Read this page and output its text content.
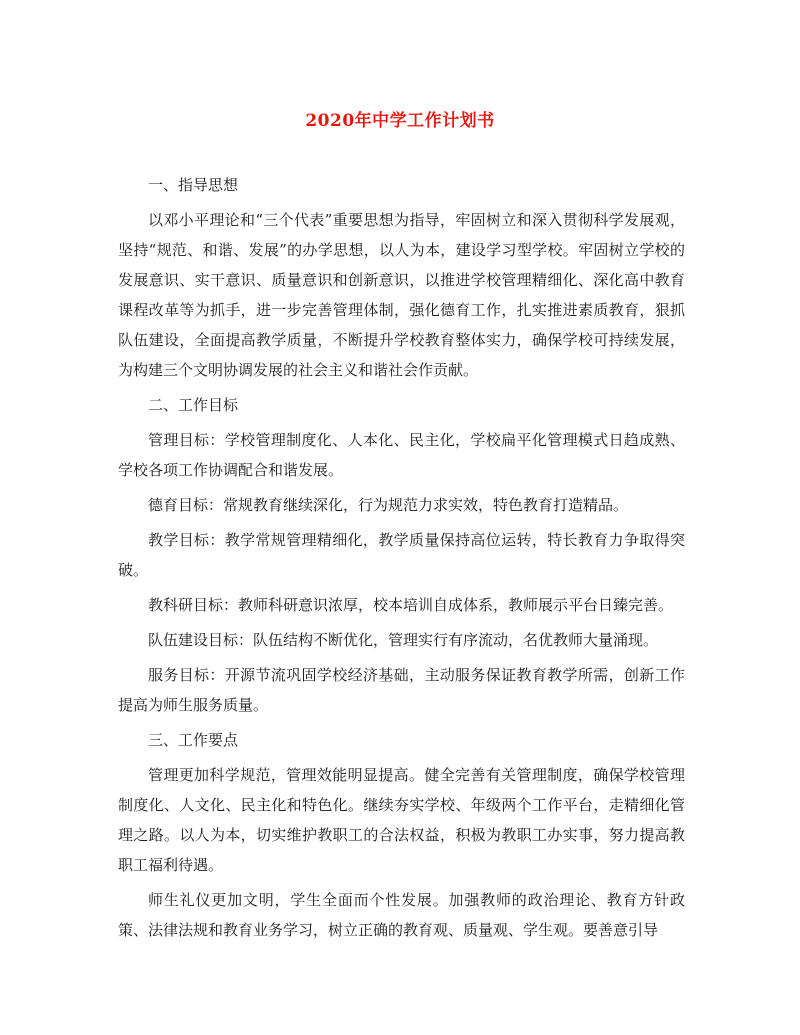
2020年中学工作计划书

一、指导思想

以邓小平理论和“三个代表”重要思想为指导，牢固树立和深入贯彻科学发展观，坚持“规范、和谐、发展”的办学思想，以人为本，建设学习型学校。牢固树立学校的发展意识、实干意识、质量意识和创新意识，以推进学校管理精细化、深化高中教育课程改革等为抓手，进一步完善管理体制，强化德育工作，扎实推进素质教育，狠抓队伍建设，全面提高教学质量，不断提升学校教育整体实力，确保学校可持续发展，为构建三个文明协调发展的社会主义和谐社会作贡献。

二、工作目标

管理目标：学校管理制度化、人本化、民主化，学校扁平化管理模式日趋成熟、学校各项工作协调配合和谐发展。

德育目标：常规教育继续深化，行为规范力求实效，特色教育打造精品。

教学目标：教学常规管理精细化，教学质量保持高位运转，特长教育力争取得突破。

教科研目标：教师科研意识浓厚，校本培训自成体系，教师展示平台日臻完善。

队伍建设目标：队伍结构不断优化，管理实行有序流动，名优教师大量涌现。

服务目标：开源节流巩固学校经济基础，主动服务保证教育教学所需，创新工作提高为师生服务质量。

三、工作要点

管理更加科学规范，管理效能明显提高。健全完善有关管理制度，确保学校管理制度化、人文化、民主化和特色化。继续夯实学校、年级两个工作平台，走精细化管理之路。以人为本，切实维护教职工的合法权益，积极为教职工办实事，努力提高教职工福利待遇。

师生礼仪更加文明，学生全面而个性发展。加强教师的政治理论、教育方针政策、法律法规和教育业务学习，树立正确的教育观、质量观、学生观。要善意引导
